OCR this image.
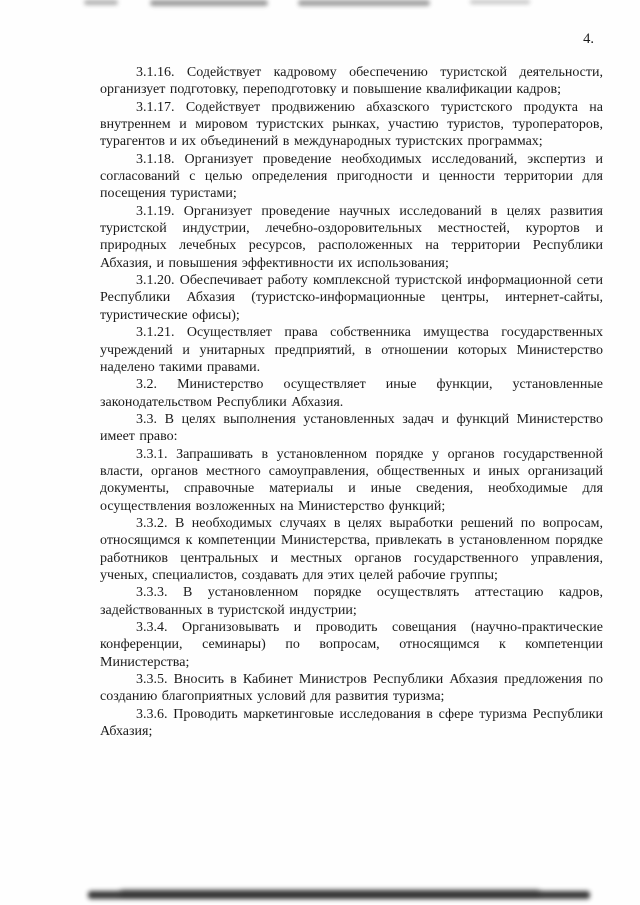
4.

3.1.16. Содействует кадровому обеспечению туристской деятельности, организует подготовку, переподготовку и повышение квалификации кадров;

3.1.17. Содействует продвижению абхазского туристского продукта на внутреннем и мировом туристских рынках, участию туристов, туроператоров, турагентов и их объединений в международных туристских программах;

3.1.18. Организует проведение необходимых исследований, экспертиз и согласований с целью определения пригодности и ценности территории для посещения туристами;

3.1.19. Организует проведение научных исследований в целях развития туристской индустрии, лечебно-оздоровительных местностей, курортов и природных лечебных ресурсов, расположенных на территории Республики Абхазия, и повышения эффективности их использования;

3.1.20. Обеспечивает работу комплексной туристской информационной сети Республики Абхазия (туристско-информационные центры, интернет-сайты, туристические офисы);

3.1.21. Осуществляет права собственника имущества государственных учреждений и унитарных предприятий, в отношении которых Министерство наделено такими правами.

3.2. Министерство осуществляет иные функции, установленные законодательством Республики Абхазия.

3.3. В целях выполнения установленных задач и функций Министерство имеет право:

3.3.1. Запрашивать в установленном порядке у органов государственной власти, органов местного самоуправления, общественных и иных организаций документы, справочные материалы и иные сведения, необходимые для осуществления возложенных на Министерство функций;

3.3.2. В необходимых случаях в целях выработки решений по вопросам, относящимся к компетенции Министерства, привлекать в установленном порядке работников центральных и местных органов государственного управления, ученых, специалистов, создавать для этих целей рабочие группы;

3.3.3. В установленном порядке осуществлять аттестацию кадров, задействованных в туристской индустрии;

3.3.4. Организовывать и проводить совещания (научно-практические конференции, семинары) по вопросам, относящимся к компетенции Министерства;

3.3.5. Вносить в Кабинет Министров Республики Абхазия предложения по созданию благоприятных условий для развития туризма;

3.3.6. Проводить маркетинговые исследования в сфере туризма Республики Абхазия;
